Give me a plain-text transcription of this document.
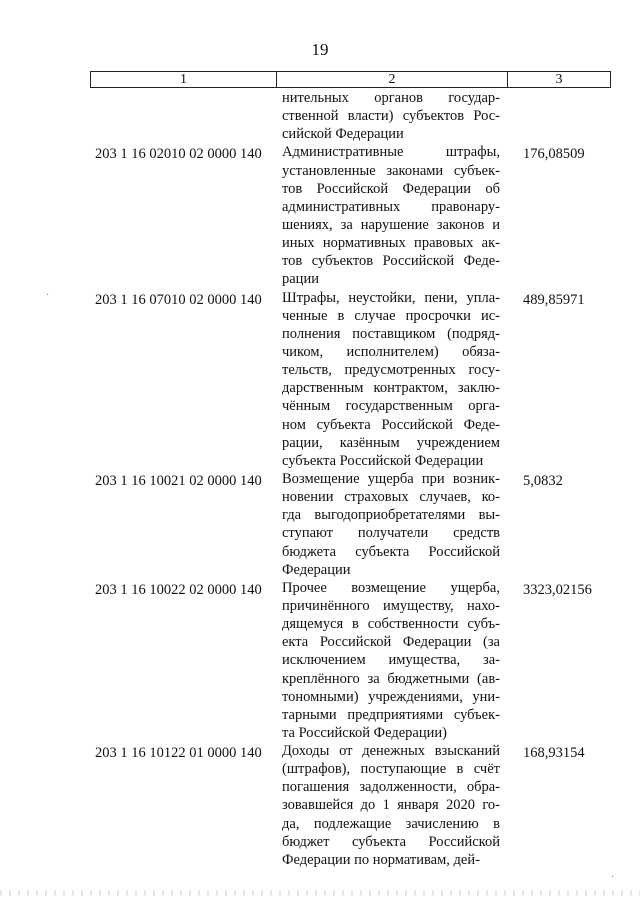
19
1	2	3
нительных органов государ-
ственной власти) субъектов Рос-
сийской Федерации
203 1 16 02010 02 0000 140 Административные штрафы,
установленные законами субъек-
тов Российской Федерации об
административных правонару-
шениях, за нарушение законов и
иных нормативных правовых ак-
тов субъектов Российской Феде-
рации
176,08509
203 1 16 07010 02 0000 140 Штрафы, неустойки, пени, упла-
ченные в случае просрочки ис-
полнения поставщиком (подряд-
чиком, исполнителем) обяза-
тельств, предусмотренных госу-
дарственным контрактом, заклю-
чённым государственным орга-
ном субъекта Российской Феде-
рации, казённым учреждением
субъекта Российской Федерации
489,85971
203 1 16 10021 02 0000 140 Возмещение ущерба при возник-
новении страховых случаев, ко-
гда выгодоприобретателями вы-
ступают получатели средств
бюджета субъекта Российской
Федерации
5,0832
203 1 16 10022 02 0000 140 Прочее возмещение ущерба,
причинённого имуществу, нахо-
дящемуся в собственности субъ-
екта Российской Федерации (за
исключением имущества, за-
креплённого за бюджетными (ав-
тономными) учреждениями, уни-
тарными предприятиями субъек-
та Российской Федерации)
3323,02156
203 1 16 10122 01 0000 140 Доходы от денежных взысканий
(штрафов), поступающие в счёт
погашения задолженности, обра-
зовавшейся до 1 января 2020 го-
да, подлежащие зачислению в
бюджет субъекта Российской
Федерации по нормативам, дей-
168,93154
·
·
